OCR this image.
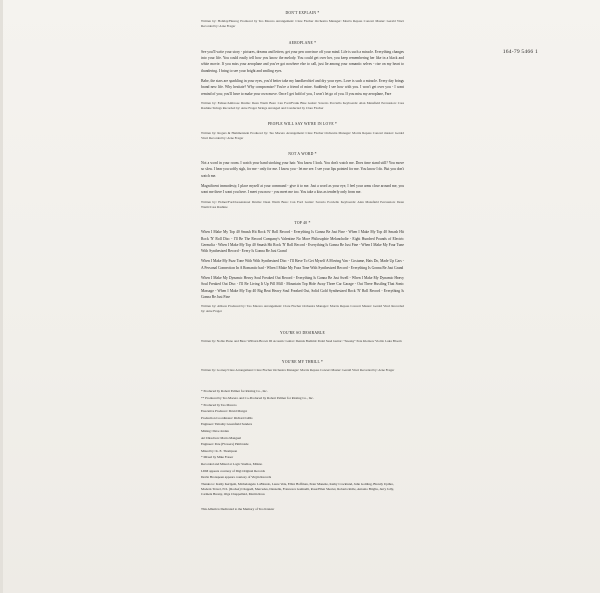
164-79 5466 1
DON'T EXPLAIN *
Written by: Holiday/Herzog Produced by Teo Macero Arrangement: Clare Fischer Orchestra Manager: Morris Repass Concert Master: Gerald Vinci Recorded by: Arne Frager
AEROPLANE *
See you'll write your story - pictures, dreams and letters; get your pen convince off your mind. Life is such a miracle. Everything changes into your life. You could easily tell how you know the melody. You could get over her, you keep remembering her like in a black and white movie. If you miss your aeroplane and you've got nowhere else to call, just lie among your romantic selves - rise on my heart to thundering. I bring to see your bright and smiling eyes.
Babe, the stars are sparkling in your eyes, you'd better take my handkerchief and dry your eyes. Love is such a miracle. Every day brings brand new life. Why hesitate? Why compromise? You're a friend of mine. Suddenly I see how with you. I won't get over you - I want remind of you; you'll have to make your own move. Once I get hold of you, I won't let go of you. If you miss my aeroplane, Fare
Written by: Eidner/Ambrose Drums: Dean Warm Bass: Can Ford/Frank Blue Guitar: Saverio Porciello Keyboards: Alan Mansfield Percussion: Cass Rashine Strings Recorded by: Arne Frager Strings Arranged and Conducted by Clare Fischer
PEOPLE WILL SAY WE'RE IN LOVE *
Written by: Rogers & Hammerstein Produced by: Teo Macero Arrangement: Clare Fischer Orchestra Manager: Morris Repass Concert master: Gerald Vinci Recorded by: Arne Frager
NOT A WORD *
Not a word in your room. I watch your hand stroking your hair. You know I look. You don't watch me. Does time stand still? You move so slow. I hear you softly sigh, for me - only for me. I know you - let me see. I see your lips pointed for me. You know I do. But you don't watch me.
Magnificent immodesty, I place myself at your command - give it to me. Just a word as your eye, I feel your arms close around me, you want me there I want you here. I meet you now - you meet me too. You take a kiss as tenderly only from me.
Written by: Eidner/Ford/Greenstreet Drums: Dean Warm Bass: Can Ford Guitar: Saverio Porciello Keyboards: Alan Mansfield Percussion: Dean Warm/Cass Rashine
TOP 40 *
When I Make My Top 40 Smash Hit Rock 'N' Roll Record - Everything Is Gonna Be Just Fine - When I Make My Top 40 Smash Hit Rock 'N' Roll Disc - I'll Be The Record Company's Valentine No More Philosophie Melancholie - Eight Hundred Pounds of Electric Germolia - When I Make My Top 40 Smash Hit Rock 'N' Roll Record - Everything Is Gonna Be Just Fine - When I Make My Four Tune With Synthesized Record - Every Is Gonna Be Just Grand
When I Make My Fuzz Tone With With Synthesized Disc - I'll Have To Get Myself A Moving Van - Costume, Hats Do, Made Up Cars - A Personal Connection In A Romantic bad - When I Make My Fuzz Tone With Synthesized Record - Everything Is Gonna Be Just Grand
When I Make My Dynamic Heavy Soul Freaked Out Record - Everything Is Gonna Be Just Swell - When I Make My Dynamic Heavy Soul Freaked Out Disc - I'll Be Living It Up Pill Mill - Mountain Top Hide Away Three Car Garage - Out There Hustling That Sonic Massage - When I Make My Top 40 Big Beat Heavy Soul Freaked Out, Solid Gold Synthesized Rock 'N' Roll Record - Everything Is Gonna Be Just Fine
Written by: Allison Produced by: Teo Macero Arrangement: Clare Fischer Orchestra Manager: Morris Repass Concert Master: Gerald Vinci Recorded by: Arne Frager
YOU'RE SO DESIRABLE
Written by: Noble Piano and Bass: Wilburn Brown III Acoustic Guitar: Dennis Budimir Pedal Steel Guitar: "Sneaky" Pete Kleinow Violin: Luka Bloom
YOU'RE MY THRILL *
Written by: Gorney/Clare Arrangement: Clare Fischer Orchestra Manager: Morris Repass Concert Master: Gerald Vinci Recorded by: Arne Frager
* Produced by Robert Palmer for Rioting Co., Inc.
** Produced by Teo Macero and Co-Produced by Robert Palmer for Rioting Co., Inc.
* Produced by Teo Macero
Executive Producer: David Margot
Production Coordinator: Richard Gillis
Engineer: Timothy Greenfield Sanders
Mixing: Dave Jerden
Art Direction: Mario Mangual
Engineer: Pete (Flowers) Pimbroide
Mixed by: K. E. Thompson
* Mixed by Mike Fraser
Recorded and Mixed at Logic Studios, Milano
LDM appears courtesy of Digi Original Records
Devin Bronspeen appears courtesy of Virgin Records
Thanks to: Kathy Kerlgem, Michelangelo LoBlondo, Laure Vele, Elliot Hoffman, Peter Manette, Kathy Crockland, Julie Golding, Blondy Upthre, Modern Travel, N.S. (Rocket) Chappell, Mercedes, Danzelle, Francesca Gamnelli, Rose/Ellen Shorter, Roberta Rolle, Antonio Briglia, Jerry Jolly, Carmela Bresny, Olga Chappellaid, Martin Ross
This Album is Dedicated to the Memory of Teo Kratzer
